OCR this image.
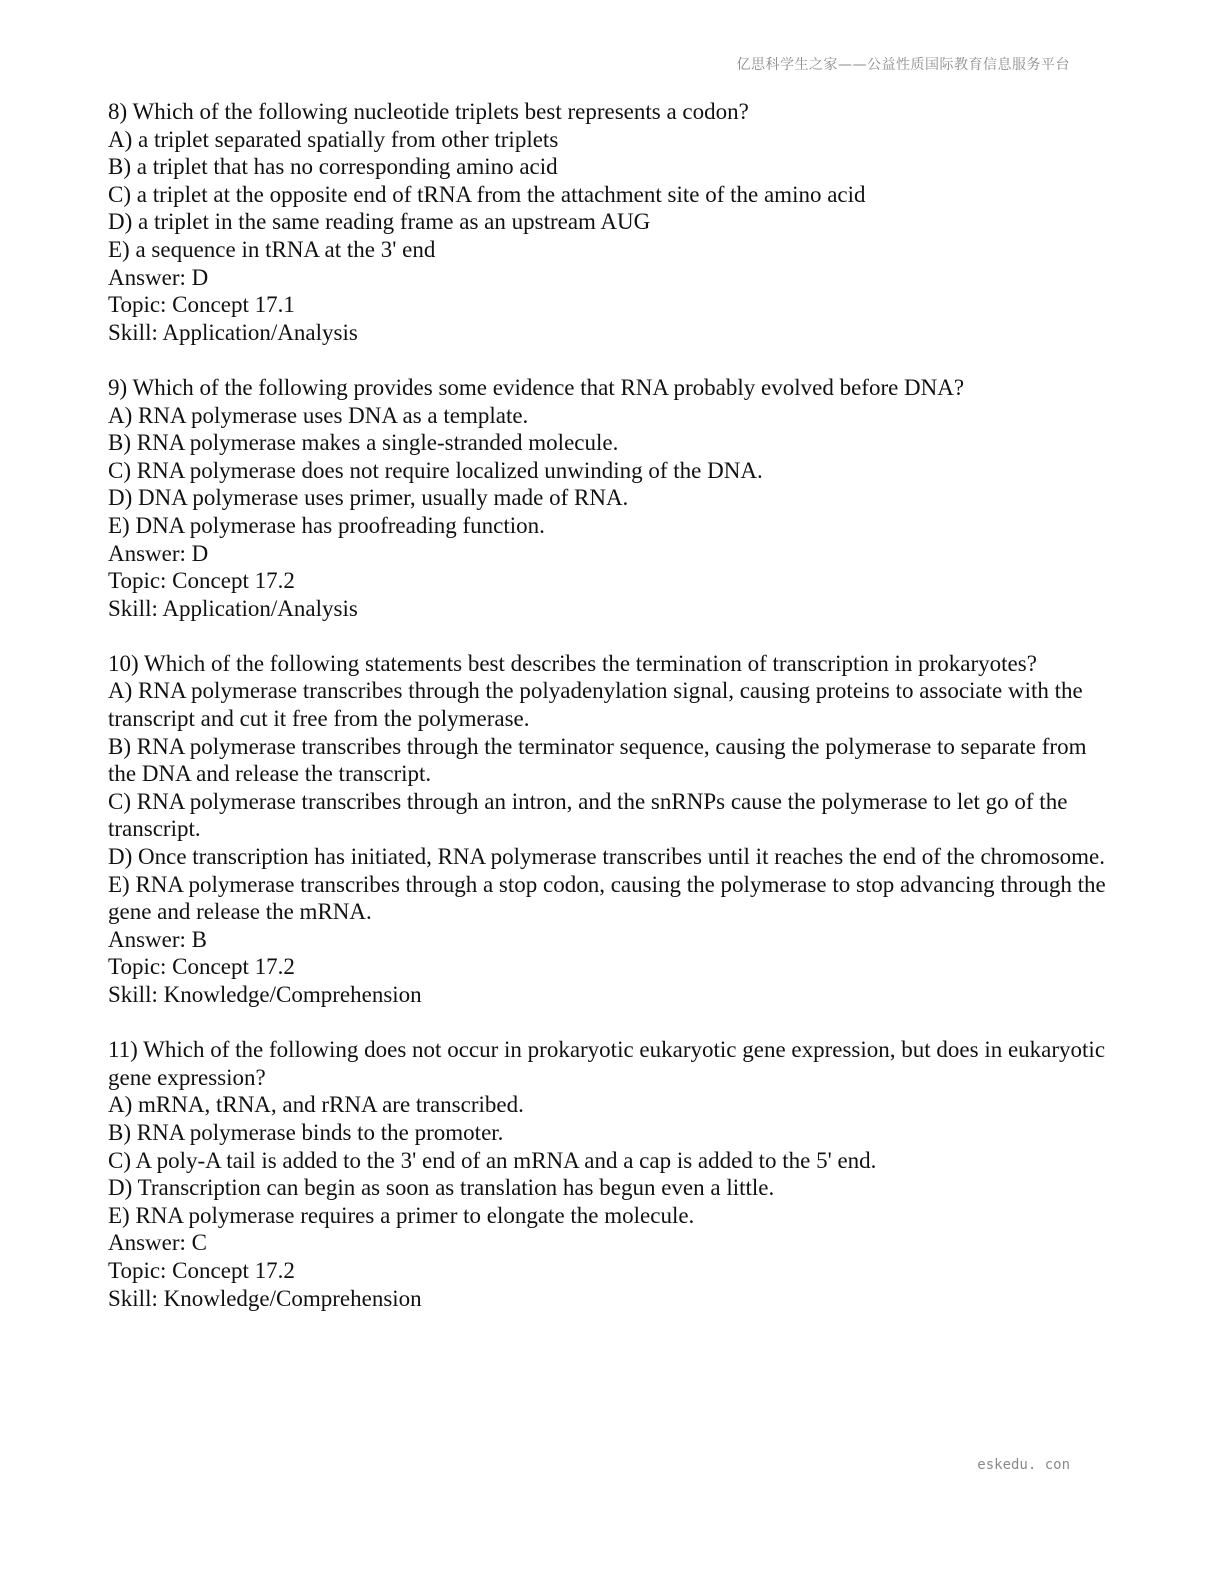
亿思科学生之家——公益性质国际教育信息服务平台

8) Which of the following nucleotide triplets best represents a codon?

A) a triplet separated spatially from other triplets

B) a triplet that has no corresponding amino acid

C) a triplet at the opposite end of tRNA from the attachment site of the amino acid

D) a triplet in the same reading frame as an upstream AUG

E) a sequence in tRNA at the 3' end

Answer: D

Topic: Concept 17.1

Skill: Application/Analysis

9) Which of the following provides some evidence that RNA probably evolved before DNA?

A) RNA polymerase uses DNA as a template.

B) RNA polymerase makes a single-stranded molecule.

C) RNA polymerase does not require localized unwinding of the DNA.

D) DNA polymerase uses primer, usually made of RNA.

E) DNA polymerase has proofreading function.

Answer: D

Topic: Concept 17.2

Skill: Application/Analysis

10) Which of the following statements best describes the termination of transcription in prokaryotes?

A) RNA polymerase transcribes through the polyadenylation signal, causing proteins to associate with the transcript and cut it free from the polymerase.

B) RNA polymerase transcribes through the terminator sequence, causing the polymerase to separate from the DNA and release the transcript.

C) RNA polymerase transcribes through an intron, and the snRNPs cause the polymerase to let go of the transcript.

D) Once transcription has initiated, RNA polymerase transcribes until it reaches the end of the chromosome.

E) RNA polymerase transcribes through a stop codon, causing the polymerase to stop advancing through the gene and release the mRNA.

Answer: B

Topic: Concept 17.2

Skill: Knowledge/Comprehension

11) Which of the following does not occur in prokaryotic eukaryotic gene expression, but does in eukaryotic gene expression?

A) mRNA, tRNA, and rRNA are transcribed.

B) RNA polymerase binds to the promoter.

C) A poly-A tail is added to the 3' end of an mRNA and a cap is added to the 5' end.

D) Transcription can begin as soon as translation has begun even a little.

E) RNA polymerase requires a primer to elongate the molecule.

Answer: C

Topic: Concept 17.2

Skill: Knowledge/Comprehension

eskedu. con
